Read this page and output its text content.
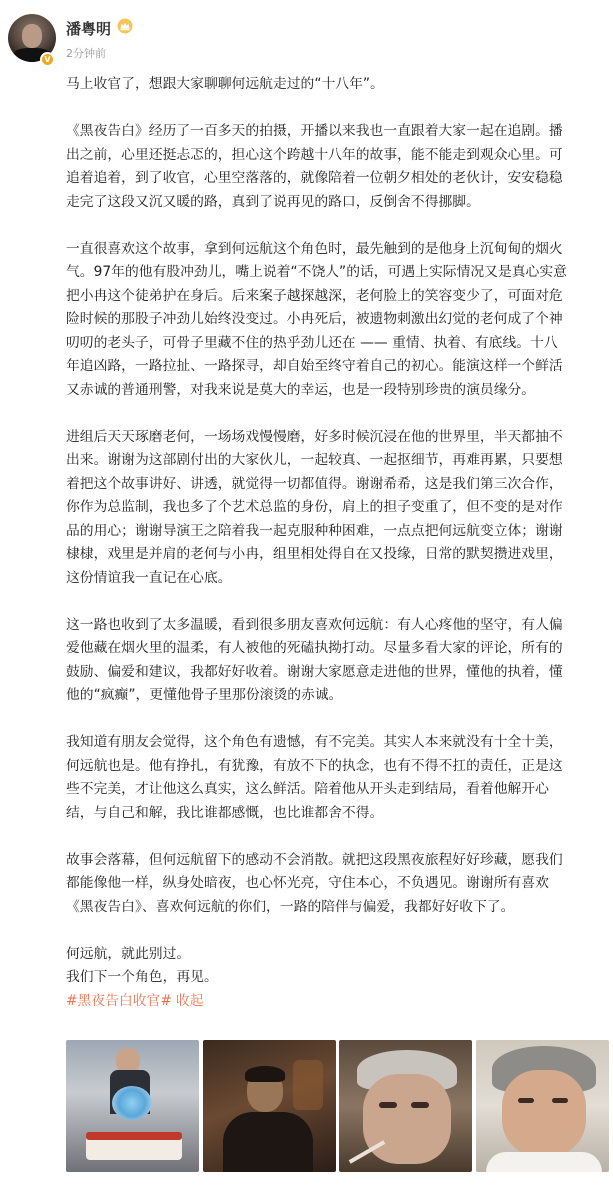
V
潘粤明
2分钟前

马上收官了，想跟大家聊聊何远航走过的“十八年”。

《黑夜告白》经历了一百多天的拍摄，开播以来我也一直跟着大家一起在追剧。播

出之前，心里还挺忐忑的，担心这个跨越十八年的故事，能不能走到观众心里。可

追着追着，到了收官，心里空落落的，就像陪着一位朝夕相处的老伙计，安安稳稳

走完了这段又沉又暖的路，真到了说再见的路口，反倒舍不得挪脚。

一直很喜欢这个故事，拿到何远航这个角色时，最先触到的是他身上沉甸甸的烟火

气。97年的他有股冲劲儿，嘴上说着“不饶人”的话，可遇上实际情况又是真心实意

把小冉这个徒弟护在身后。后来案子越探越深，老何脸上的笑容变少了，可面对危

险时候的那股子冲劲儿始终没变过。小冉死后，被遗物刺激出幻觉的老何成了个神

叨叨的老头子，可骨子里藏不住的热乎劲儿还在 —— 重情、执着、有底线。十八

年追凶路，一路拉扯、一路探寻，却自始至终守着自己的初心。能演这样一个鲜活

又赤诚的普通刑警，对我来说是莫大的幸运，也是一段特别珍贵的演员缘分。

进组后天天琢磨老何，一场场戏慢慢磨，好多时候沉浸在他的世界里，半天都抽不

出来。谢谢为这部剧付出的大家伙儿，一起较真、一起抠细节，再难再累，只要想

着把这个故事讲好、讲透，就觉得一切都值得。谢谢希希，这是我们第三次合作，

你作为总监制，我也多了个艺术总监的身份，肩上的担子变重了，但不变的是对作

品的用心；谢谢导演王之陪着我一起克服种种困难，一点点把何远航变立体；谢谢

棣棣，戏里是并肩的老何与小冉，组里相处得自在又投缘，日常的默契攒进戏里，

这份情谊我一直记在心底。

这一路也收到了太多温暖，看到很多朋友喜欢何远航：有人心疼他的坚守，有人偏

爱他藏在烟火里的温柔，有人被他的死磕执拗打动。尽量多看大家的评论，所有的

鼓励、偏爱和建议，我都好好收着。谢谢大家愿意走进他的世界，懂他的执着，懂

他的“疯癫”，更懂他骨子里那份滚烫的赤诚。

我知道有朋友会觉得，这个角色有遗憾，有不完美。其实人本来就没有十全十美，

何远航也是。他有挣扎，有犹豫，有放不下的执念，也有不得不扛的责任，正是这

些不完美，才让他这么真实，这么鲜活。陪着他从开头走到结局，看着他解开心

结，与自己和解，我比谁都感慨，也比谁都舍不得。

故事会落幕，但何远航留下的感动不会消散。就把这段黑夜旅程好好珍藏，愿我们

都能像他一样，纵身处暗夜，也心怀光亮，守住本心，不负遇见。谢谢所有喜欢

《黑夜告白》、喜欢何远航的你们，一路的陪伴与偏爱，我都好好收下了。

何远航，就此别过。

我们下一个角色，再见。

#黑夜告白收官# 收起
